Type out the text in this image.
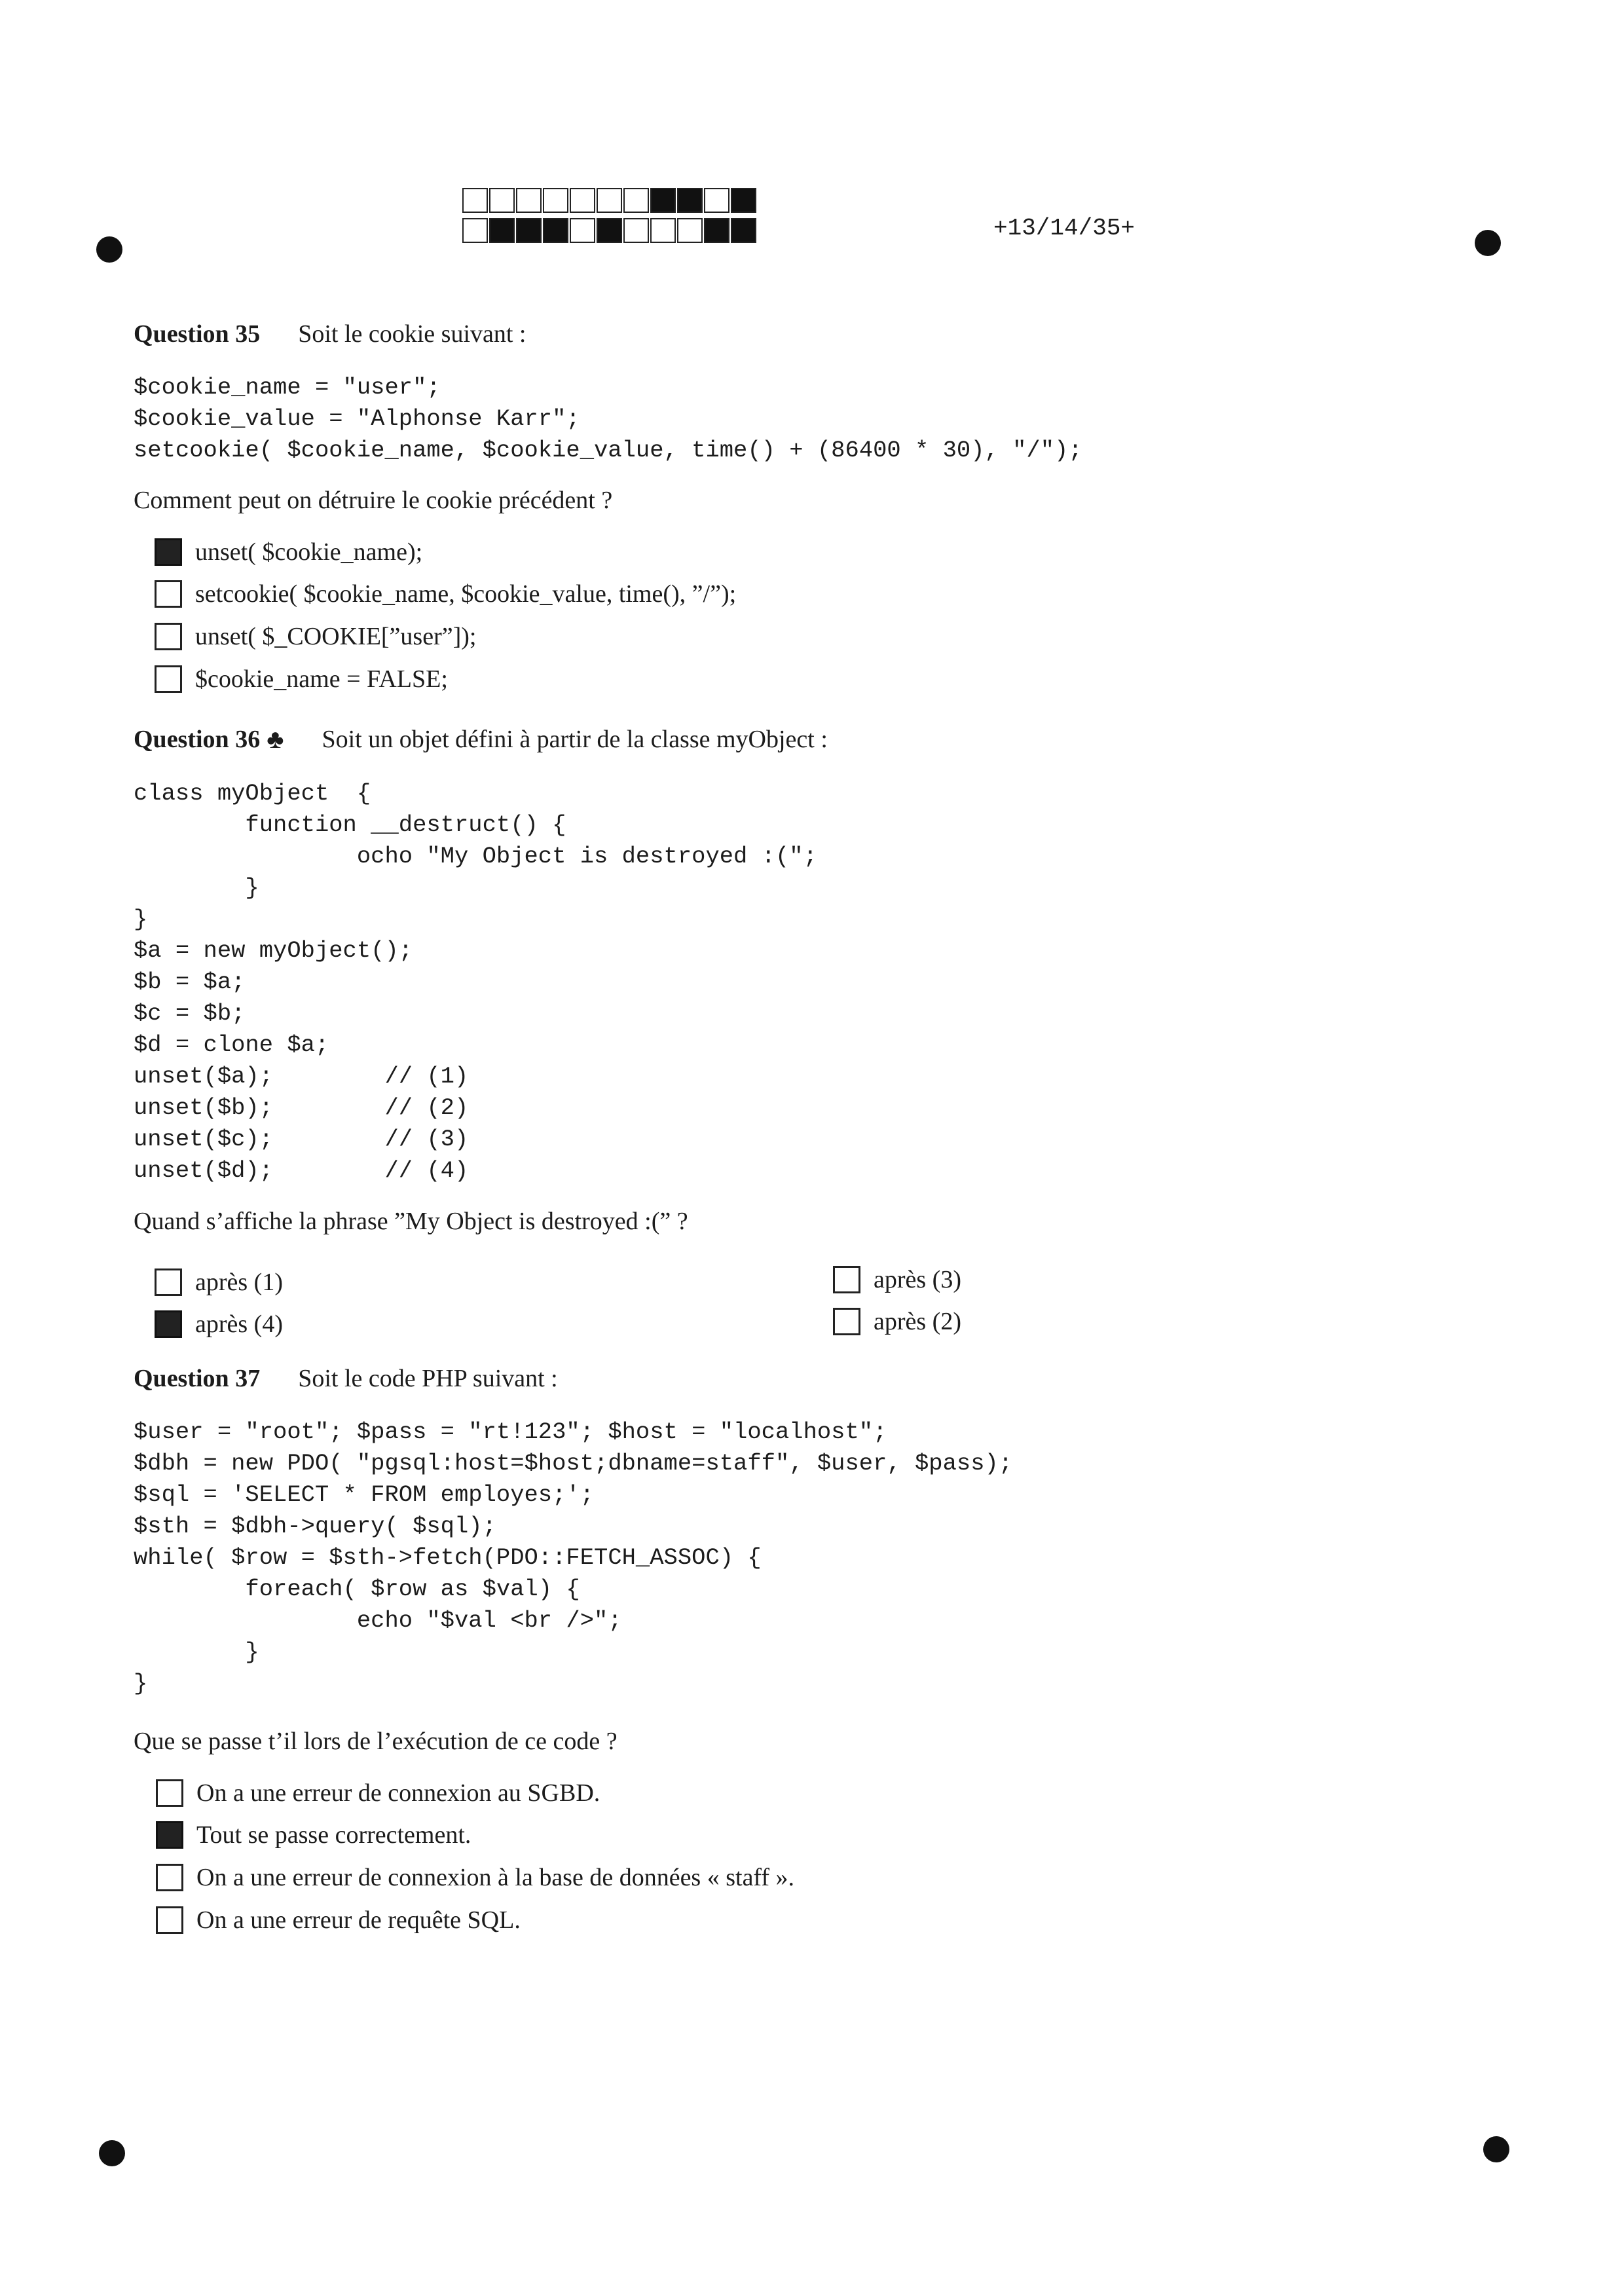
+13/14/35+
Question 35 Soit le cookie suivant :
$cookie_name = "user";
$cookie_value = "Alphonse Karr";
setcookie( $cookie_name, $cookie_value, time() + (86400 * 30), "/");
Comment peut on détruire le cookie précédent ?
unset( $cookie_name);
setcookie( $cookie_name, $cookie_value, time(), ”/”);
unset( $_COOKIE[”user”]);
$cookie_name = FALSE;
Question 36 ♣ Soit un objet défini à partir de la classe myObject :
class myObject  {
function __destruct() {
ocho "My Object is destroyed :(";
}
}
$a = new myObject();
$b = $a;
$c = $b;
$d = clone $a;
unset($a);        // (1)
unset($b);        // (2)
unset($c);        // (3)
unset($d);        // (4)
Quand s’affiche la phrase ”My Object is destroyed :(” ?
après (1)	après (3)
après (4)	après (2)
Question 37 Soit le code PHP suivant :
$user = "root"; $pass = "rt!123"; $host = "localhost";
$dbh = new PDO( "pgsql:host=$host;dbname=staff", $user, $pass);
$sql = 'SELECT * FROM employes;';
$sth = $dbh->query( $sql);
while( $row = $sth->fetch(PDO::FETCH_ASSOC) {
foreach( $row as $val) {
echo "$val <br />";
}
}
Que se passe t’il lors de l’exécution de ce code ?
On a une erreur de connexion au SGBD.
Tout se passe correctement.
On a une erreur de connexion à la base de données « staff ».
On a une erreur de requête SQL.
